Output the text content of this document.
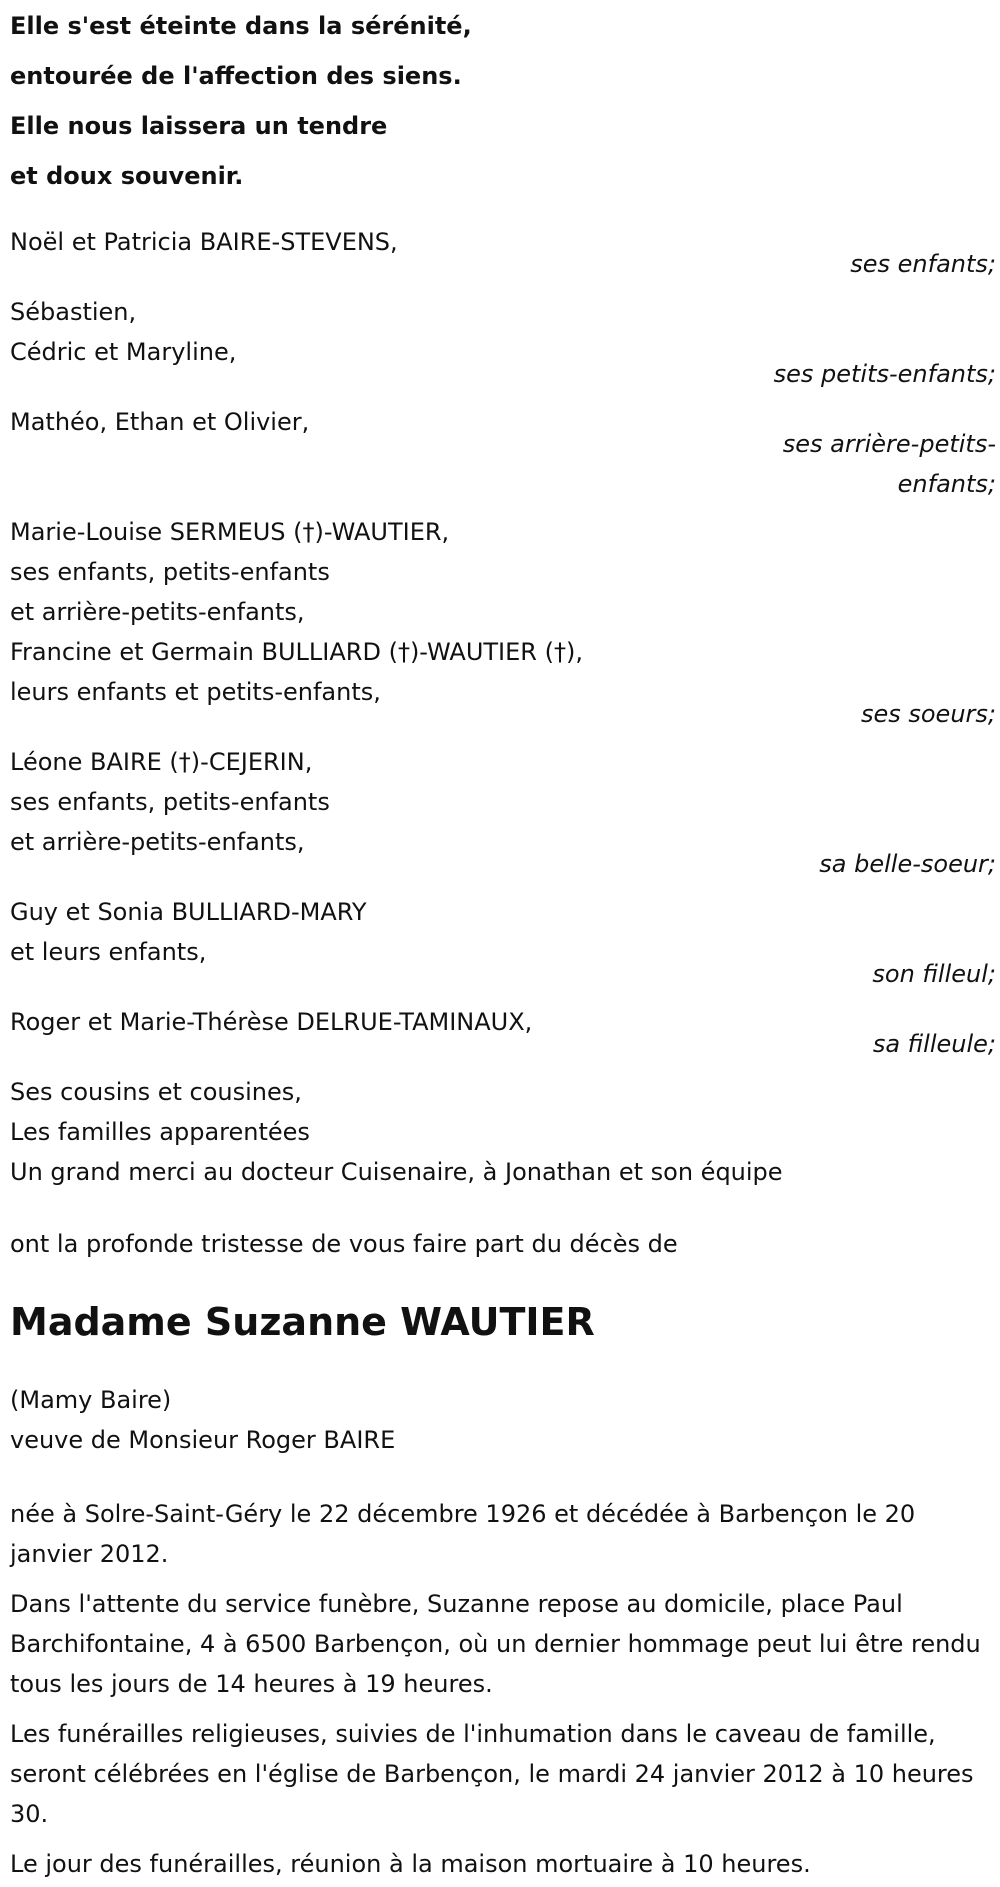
Elle s'est éteinte dans la sérénité,
entourée de l'affection des siens.
Elle nous laissera un tendre
et doux souvenir.
Noël et Patricia BAIRE-STEVENS,
ses enfants;
Sébastien,
Cédric et Maryline,
ses petits-enfants;
Mathéo, Ethan et Olivier,
ses arrière-petits-
enfants;
Marie-Louise SERMEUS (†)-WAUTIER,
ses enfants, petits-enfants
et arrière-petits-enfants,
Francine et Germain BULLIARD (†)-WAUTIER (†),
leurs enfants et petits-enfants,
ses soeurs;
Léone BAIRE (†)-CEJERIN,
ses enfants, petits-enfants
et arrière-petits-enfants,
sa belle-soeur;
Guy et Sonia BULLIARD-MARY
et leurs enfants,
son filleul;
Roger et Marie-Thérèse DELRUE-TAMINAUX,
sa filleule;
Ses cousins et cousines,
Les familles apparentées
Un grand merci au docteur Cuisenaire, à Jonathan et son équipe
ont la profonde tristesse de vous faire part du décès de
Madame Suzanne WAUTIER
(Mamy Baire)
veuve de Monsieur Roger BAIRE
née à Solre-Saint-Géry le 22 décembre 1926 et décédée à Barbençon le 20 janvier 2012.
Dans l'attente du service funèbre, Suzanne repose au domicile, place Paul Barchifontaine, 4 à 6500 Barbençon, où un dernier hommage peut lui être rendu tous les jours de 14 heures à 19 heures.
Les funérailles religieuses, suivies de l'inhumation dans le caveau de famille, seront célébrées en l'église de Barbençon, le mardi 24 janvier 2012 à 10 heures 30.
Le jour des funérailles, réunion à la maison mortuaire à 10 heures.
